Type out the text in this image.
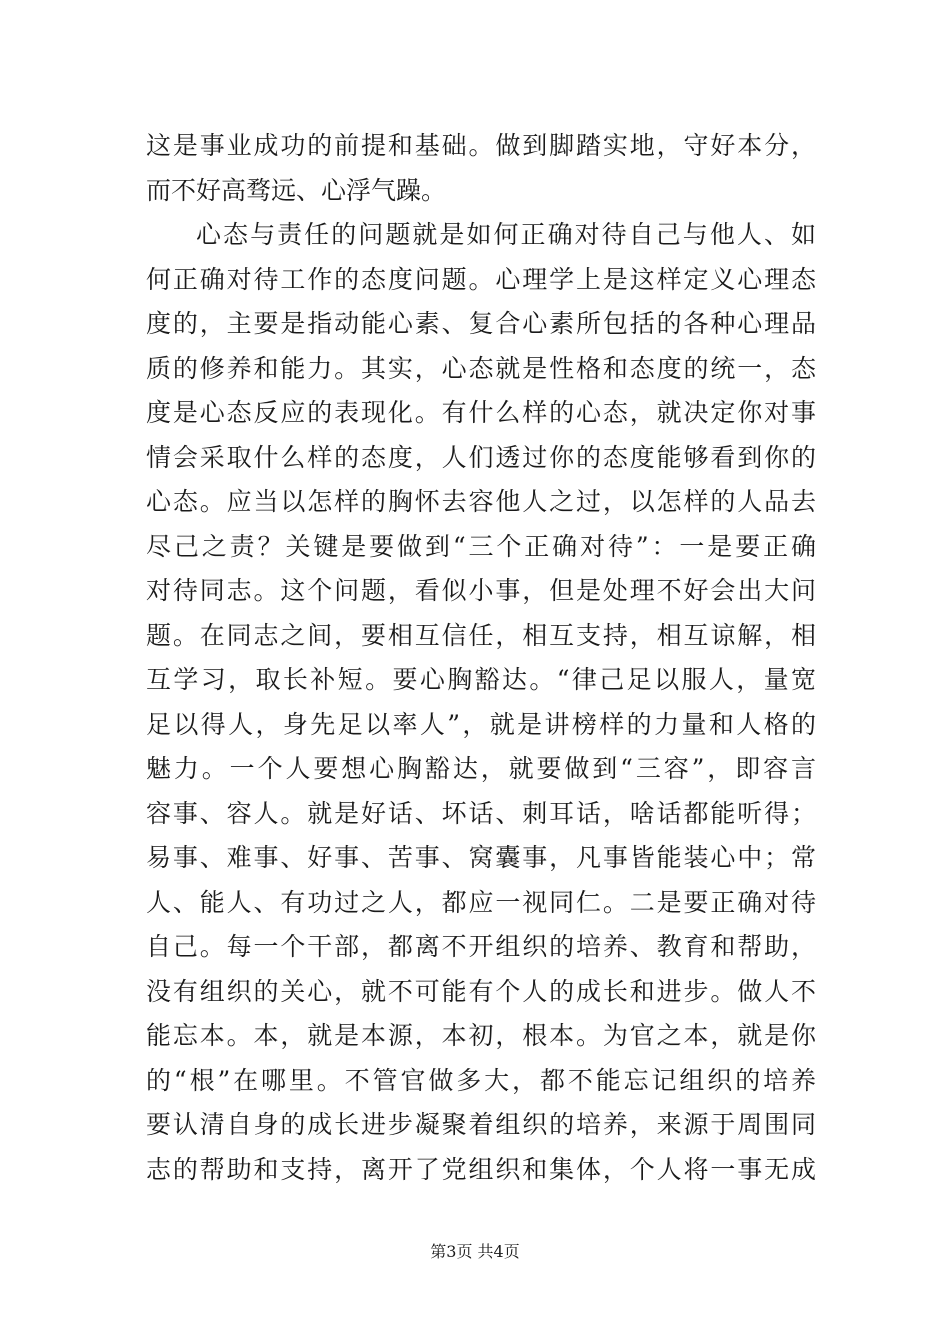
这是事业成功的前提和基础。做到脚踏实地，守好本分，
而不好高骛远、心浮气躁。
心态与责任的问题就是如何正确对待自己与他人、如
何正确对待工作的态度问题。心理学上是这样定义心理态
度的，主要是指动能心素、复合心素所包括的各种心理品
质的修养和能力。其实，心态就是性格和态度的统一，态
度是心态反应的表现化。有什么样的心态，就决定你对事
情会采取什么样的态度，人们透过你的态度能够看到你的
心态。应当以怎样的胸怀去容他人之过，以怎样的人品去
尽己之责？关键是要做到“三个正确对待”：一是要正确
对待同志。这个问题，看似小事，但是处理不好会出大问
题。在同志之间，要相互信任，相互支持，相互谅解，相
互学习，取长补短。要心胸豁达。“律己足以服人，量宽
足以得人，身先足以率人”，就是讲榜样的力量和人格的
魅力。一个人要想心胸豁达，就要做到“三容”，即容言
容事、容人。就是好话、坏话、刺耳话，啥话都能听得；
易事、难事、好事、苦事、窝囊事，凡事皆能装心中；常
人、能人、有功过之人，都应一视同仁。二是要正确对待
自己。每一个干部，都离不开组织的培养、教育和帮助，
没有组织的关心，就不可能有个人的成长和进步。做人不
能忘本。本，就是本源，本初，根本。为官之本，就是你
的“根”在哪里。不管官做多大，都不能忘记组织的培养
要认清自身的成长进步凝聚着组织的培养，来源于周围同
志的帮助和支持，离开了党组织和集体，个人将一事无成
第3页 共4页
